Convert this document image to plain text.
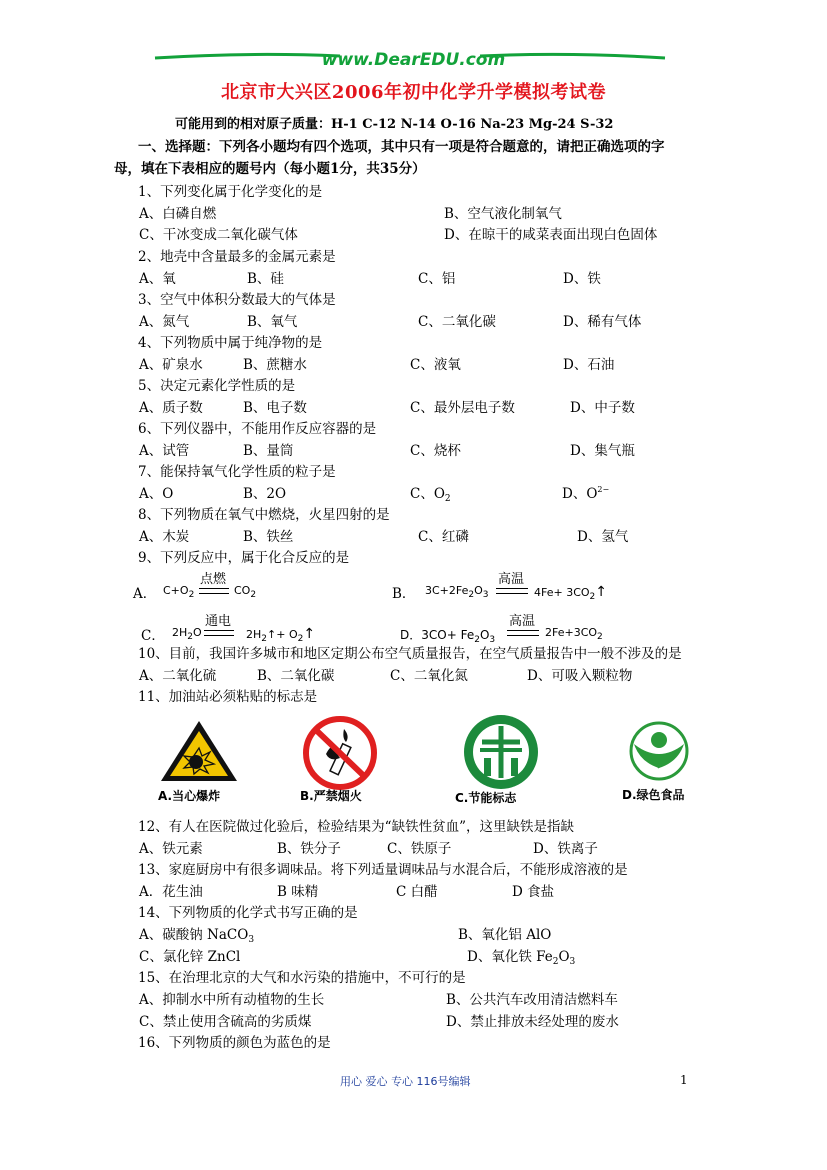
www.DearEDU.com
北京市大兴区2006年初中化学升学模拟考试卷
可能用到的相对原子质量：H-1 C-12 N-14 O-16 Na-23 Mg-24 S-32
一、选择题：下列各小题均有四个选项，其中只有一项是符合题意的，请把正确选项的字
母，填在下表相应的题号内（每小题1分，共35分）
1、下列变化属于化学变化的是
A、白磷自燃	B、空气液化制氧气
C、干冰变成二氧化碳气体	D、在晾干的咸菜表面出现白色固体
2、地壳中含量最多的金属元素是
A、氧	B、硅	C、铝	D、铁
3、空气中体积分数最大的气体是
A、氮气	B、氧气	C、二氧化碳	D、稀有气体
4、下列物质中属于纯净物的是
A、矿泉水	B、蔗糖水	C、液氧	D、石油
5、决定元素化学性质的是
A、质子数	B、电子数	C、最外层电子数	D、中子数
6、下列仪器中，不能用作反应容器的是
A、试管	B、量筒	C、烧杯	D、集气瓶
7、能保持氧气化学性质的粒子是
A、O	B、2O	C、$O_2$	D、$O^{2-}$
8、下列物质在氧气中燃烧，火星四射的是
A、木炭	B、铁丝	C、红磷	D、氢气
9、下列反应中，属于化合反应的是
A． $C+O_2$
点燃
$CO_2$	B． $3C+2Fe_2O_3$
高温
$4Fe+ 3CO_2↑$
C． $2H_2O$
通电
$2H_2↑+$ $O_2↑$	D．$3CO+ Fe_2O_3$
高温
$2Fe+3CO_2$
10、目前，我国许多城市和地区定期公布空气质量报告，在空气质量报告中一般不涉及的是
A、二氧化硫	B、二氧化碳	C、二氧化氮	D、可吸入颗粒物
11、加油站必须粘贴的标志是
A.当心爆炸	B.严禁烟火	C.节能标志	D.绿色食品
12、有人在医院做过化验后，检验结果为“缺铁性贫血”，这里缺铁是指缺
A、铁元素	B、铁分子	C、铁原子	D、铁离子
13、家庭厨房中有很多调味品。将下列适量调味品与水混合后，不能形成溶液的是
A．花生油	B 味精	C 白醋	D 食盐
14、下列物质的化学式书写正确的是
A、碳酸钠 NaCO$_3$	B、氧化铝 AlO
C、氯化锌 ZnCl	D、氧化铁 $Fe_2O_3$
15、在治理北京的大气和水污染的措施中，不可行的是
A、抑制水中所有动植物的生长	B、公共汽车改用清洁燃料车
C、禁止使用含硫高的劣质煤	D、禁止排放未经处理的废水
16、下列物质的颜色为蓝色的是
用心 爱心 专心 116号编辑	1
